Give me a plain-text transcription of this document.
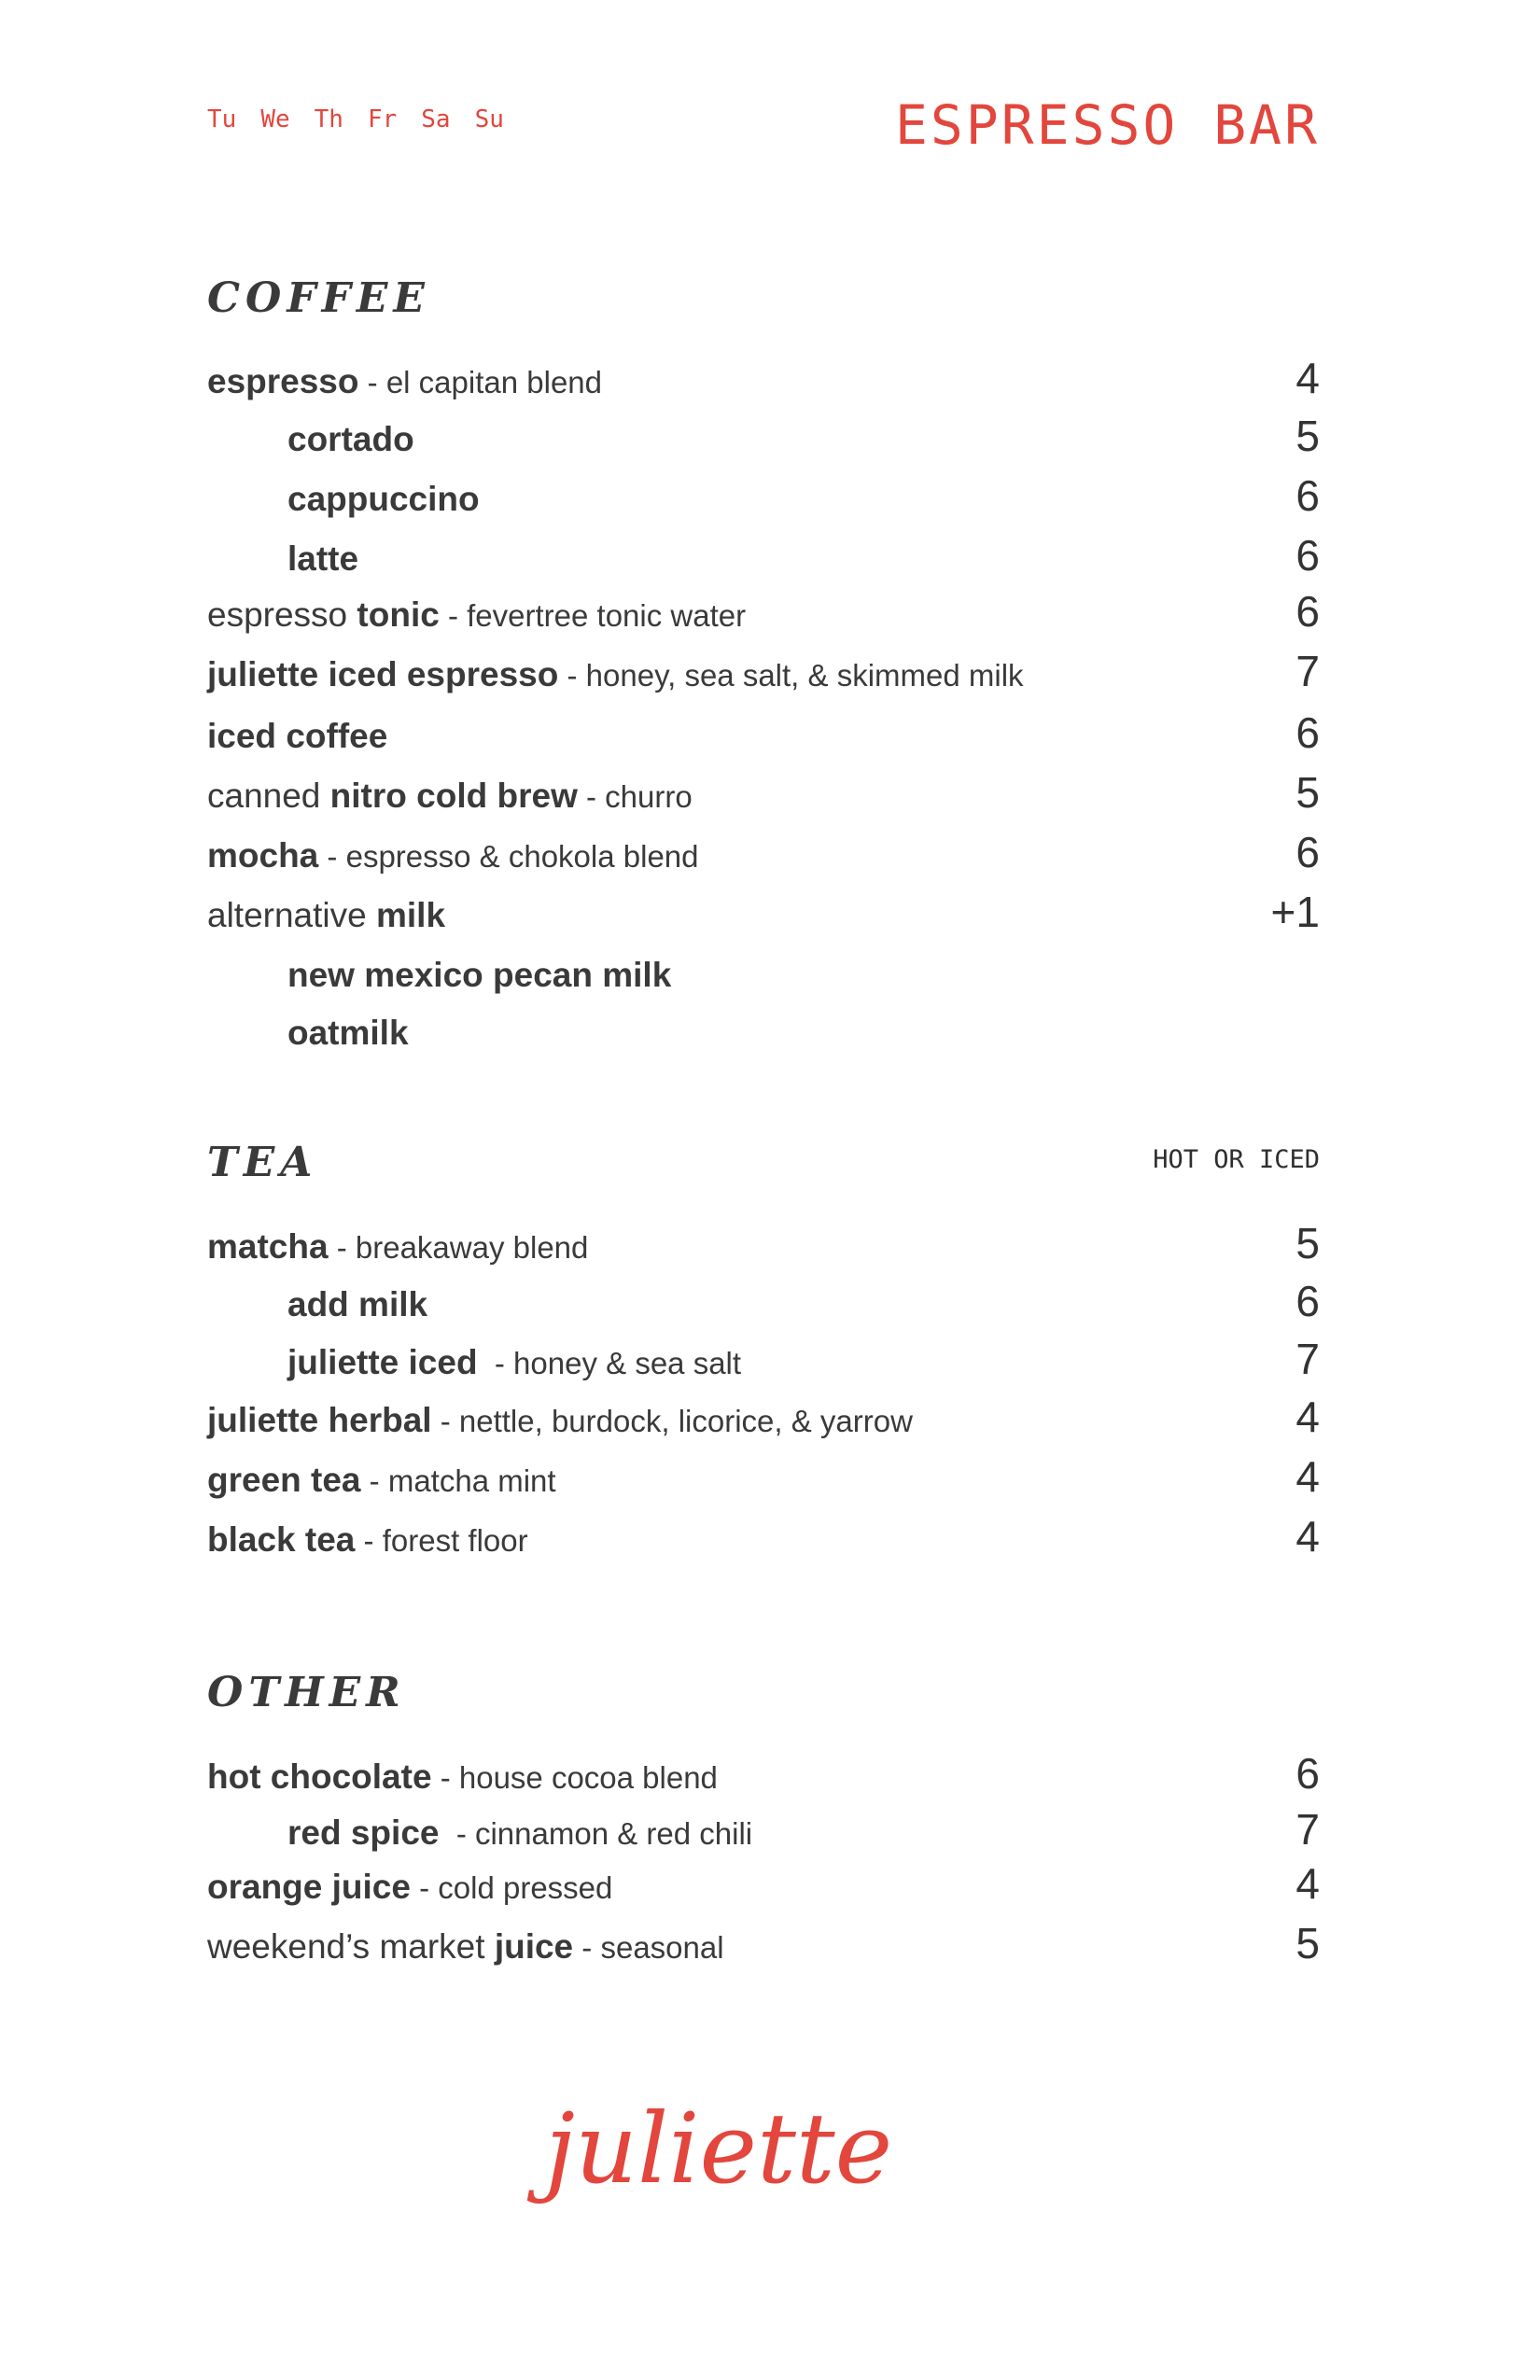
Tu We Th Fr Sa Su	ESPRESSO BAR
COFFEE
espresso - el capitan blend	4
cortado	5
cappuccino	6
latte	6
espresso tonic - fevertree tonic water	6
juliette iced espresso - honey, sea salt, & skimmed milk	7
iced coffee	6
canned nitro cold brew - churro	5
mocha - espresso & chokola blend	6
alternative milk	+1
new mexico pecan milk
oatmilk
TEA	HOT OR ICED
matcha - breakaway blend	5
add milk	6
juliette iced  - honey & sea salt	7
juliette herbal - nettle, burdock, licorice, & yarrow	4
green tea - matcha mint	4
black tea - forest floor	4
OTHER
hot chocolate - house cocoa blend	6
red spice  - cinnamon & red chili	7
orange juice - cold pressed	4
weekend’s market juice - seasonal	5
juliette
